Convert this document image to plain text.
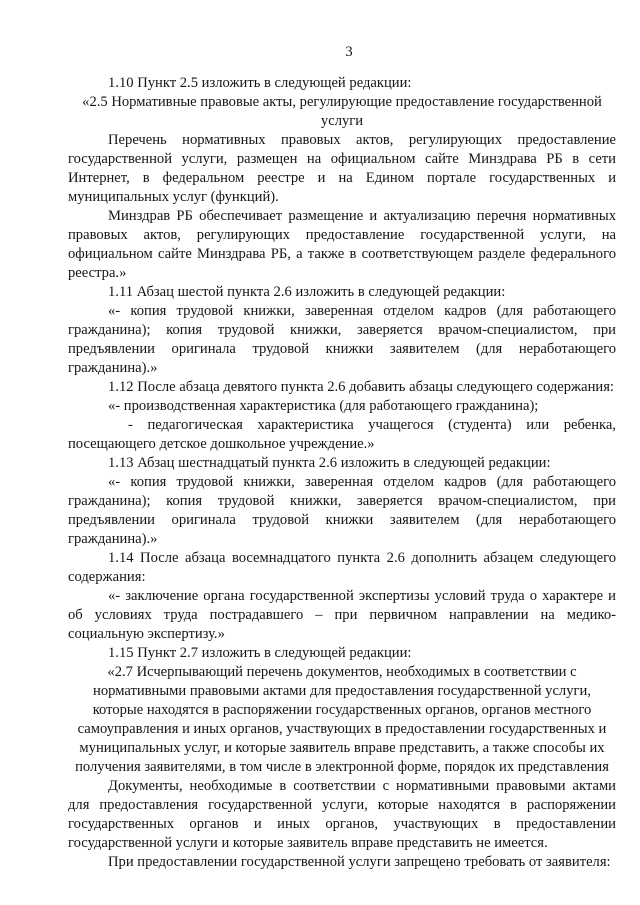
3

1.10 Пункт 2.5 изложить в следующей редакции:

«2.5 Нормативные правовые акты, регулирующие предоставление государственной услуги

Перечень нормативных правовых актов, регулирующих предоставление государственной услуги, размещен на официальном сайте Минздрава РБ в сети Интернет, в федеральном реестре и на Едином портале государственных и муниципальных услуг (функций).

Минздрав РБ обеспечивает размещение и актуализацию перечня нормативных правовых актов, регулирующих предоставление государственной услуги, на официальном сайте Минздрава РБ, а также в соответствующем разделе федерального реестра.»

1.11 Абзац шестой пункта 2.6 изложить в следующей редакции:

«- копия трудовой книжки, заверенная отделом кадров (для работающего гражданина); копия трудовой книжки, заверяется врачом-специалистом, при предъявлении оригинала трудовой книжки заявителем (для неработающего гражданина).»

1.12 После абзаца девятого пункта 2.6 добавить абзацы следующего содержания:

«- производственная характеристика (для работающего гражданина);

- педагогическая характеристика учащегося (студента) или ребенка, посещающего детское дошкольное учреждение.»

1.13 Абзац шестнадцатый пункта 2.6 изложить в следующей редакции:

«- копия трудовой книжки, заверенная отделом кадров (для работающего гражданина); копия трудовой книжки, заверяется врачом-специалистом, при предъявлении оригинала трудовой книжки заявителем (для неработающего гражданина).»

1.14 После абзаца восемнадцатого пункта 2.6 дополнить абзацем следующего содержания:

«- заключение органа государственной экспертизы условий труда о характере и об условиях труда пострадавшего – при первичном направлении на медико-социальную экспертизу.»

1.15 Пункт 2.7 изложить в следующей редакции:

«2.7 Исчерпывающий перечень документов, необходимых в соответствии с нормативными правовыми актами для предоставления государственной услуги, которые находятся в распоряжении государственных органов, органов местного самоуправления и иных органов, участвующих в предоставлении государственных и муниципальных услуг, и которые заявитель вправе представить, а также способы их получения заявителями, в том числе в электронной форме, порядок их представления

Документы, необходимые в соответствии с нормативными правовыми актами для предоставления государственной услуги, которые находятся в распоряжении государственных органов и иных органов, участвующих в предоставлении государственной услуги и которые заявитель вправе представить не имеется.

При предоставлении государственной услуги запрещено требовать от заявителя:
